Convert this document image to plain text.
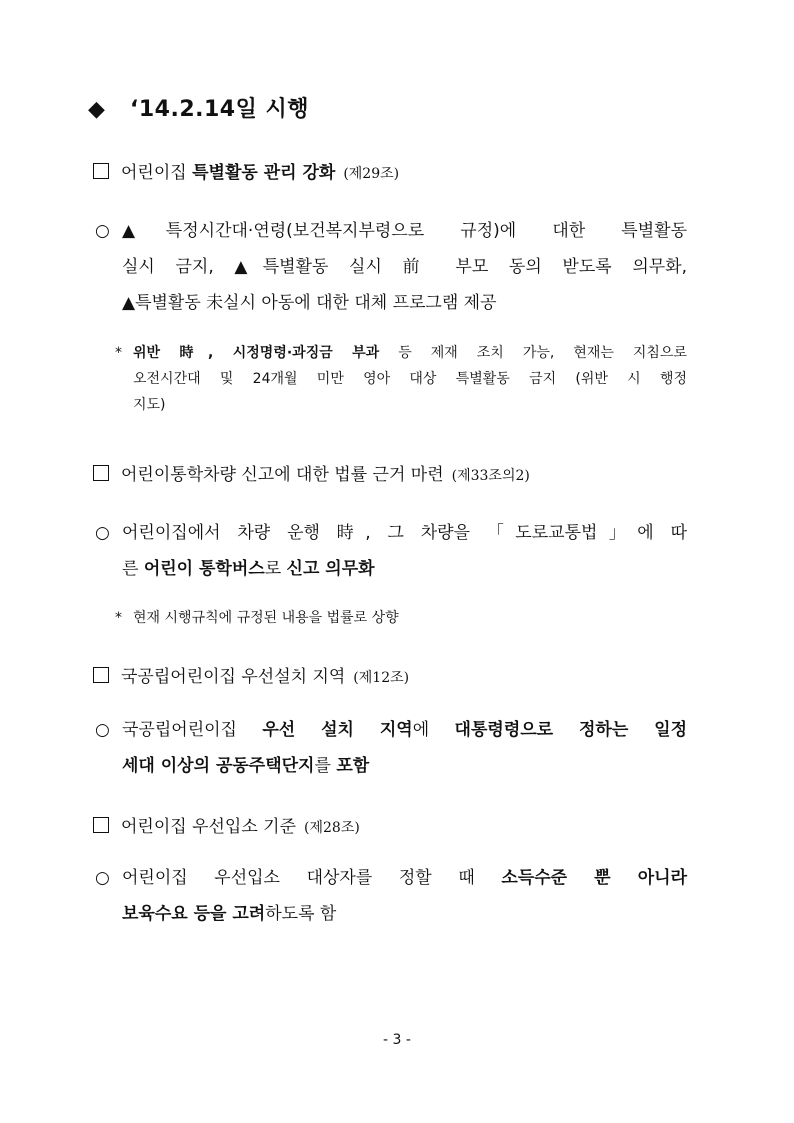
◆ ‘14.2.14일 시행
어린이집 특별활동 관리 강화 (제29조)
○ ▲특정시간대·연령(보건복지부령으로 규정)에 대한 특별활동
실시 금지, ▲특별활동 실시 前 부모 동의 받도록 의무화,
▲특별활동 未실시 아동에 대한 대체 프로그램 제공
* 위반 時, 시정명령·과징금 부과 등 제재 조치 가능, 현재는 지침으로
오전시간대 및 24개월 미만 영아 대상 특별활동 금지 (위반 시 행정
지도)
어린이통학차량 신고에 대한 법률 근거 마련 (제33조의2)
○ 어린이집에서 차량 운행 時, 그 차량을 「도로교통법」에 따
른 어린이 통학버스로 신고 의무화
* 현재 시행규칙에 규정된 내용을 법률로 상향
국공립어린이집 우선설치 지역 (제12조)
○ 국공립어린이집 우선 설치 지역에 대통령령으로 정하는 일정
세대 이상의 공동주택단지를 포함
어린이집 우선입소 기준 (제28조)
○ 어린이집 우선입소 대상자를 정할 때 소득수준 뿐 아니라
보육수요 등을 고려하도록 함
- 3 -
